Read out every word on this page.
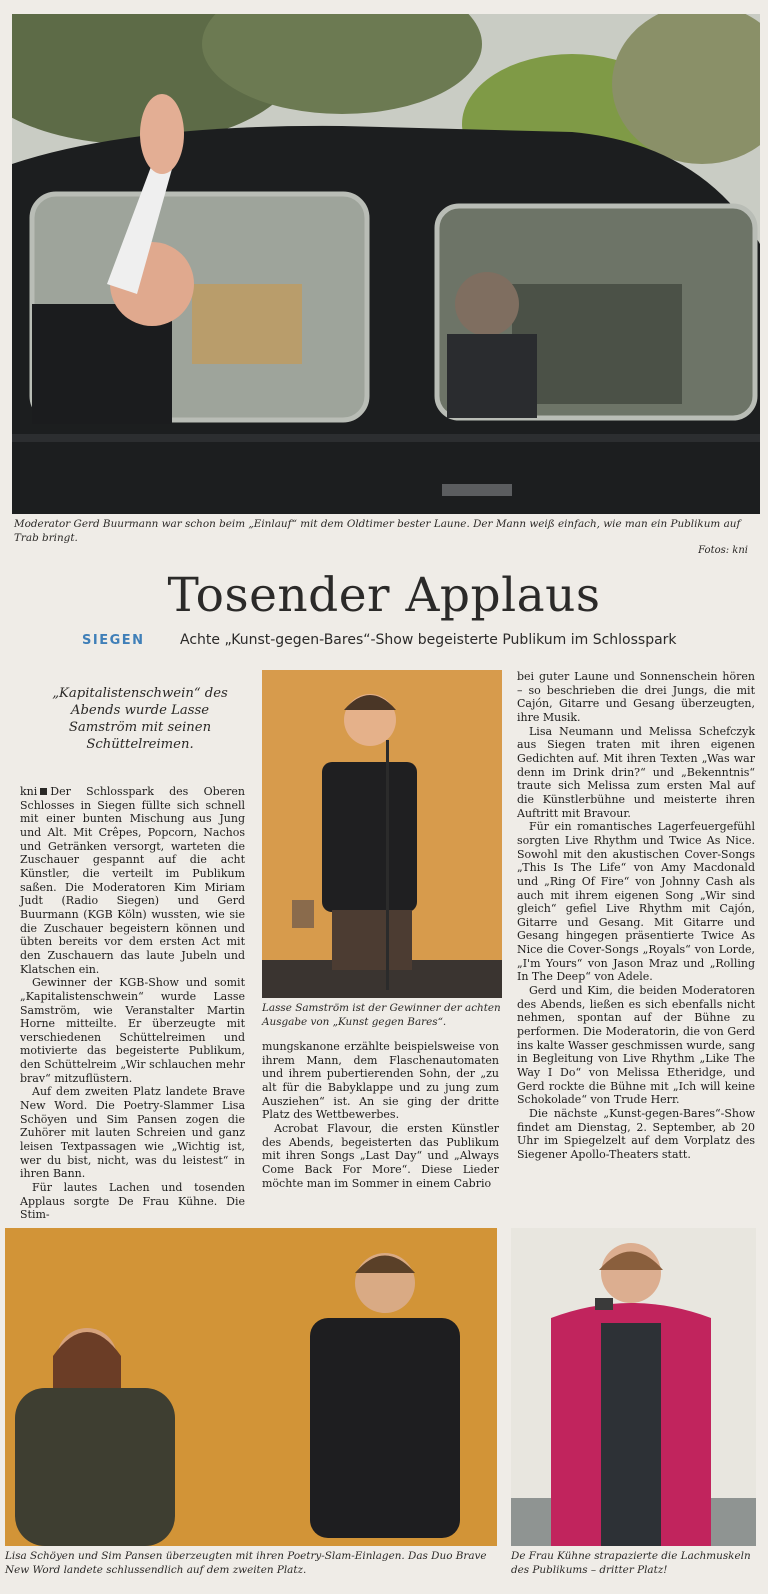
Moderator Gerd Buurmann war schon beim „Einlauf“ mit dem Oldtimer bester Laune. Der Mann weiß einfach, wie man ein Publikum auf Trab bringt.

Fotos: kni
Tosender Applaus
SIEGEN	Achte „Kunst-gegen-Bares“-Show begeisterte Publikum im Schlosspark

„Kapitalistenschwein“ des Abends wurde Lasse Samström mit seinen Schüttelreimen.

kni Der Schlosspark des Oberen Schlosses in Siegen füllte sich schnell mit einer bunten Mischung aus Jung und Alt. Mit Crêpes, Popcorn, Nachos und Getränken versorgt, warteten die Zuschauer gespannt auf die acht Künstler, die verteilt im Publikum saßen. Die Moderatoren Kim Miriam Judt (Radio Siegen) und Gerd Buurmann (KGB Köln) wussten, wie sie die Zuschauer begeistern können und übten bereits vor dem ersten Act mit den Zuschauern das laute Jubeln und Klatschen ein.

Gewinner der KGB-Show und somit „Kapitalistenschwein“ wurde Lasse Samström, wie Veranstalter Martin Horne mitteilte. Er überzeugte mit verschiedenen Schüttelreimen und motivierte das begeisterte Publikum, den Schüttelreim „Wir schlauchen mehr brav“ mitzuflüstern.

Auf dem zweiten Platz landete Brave New Word. Die Poetry-Slammer Lisa Schöyen und Sim Pansen zogen die Zuhörer mit lauten Schreien und ganz leisen Textpassagen wie „Wichtig ist, wer du bist, nicht, was du leistest“ in ihren Bann.

Für lautes Lachen und tosenden Applaus sorgte De Frau Kühne. Die Stim-

Lasse Samström ist der Gewinner der achten Ausgabe von „Kunst gegen Bares“.

mungskanone erzählte beispielsweise von ihrem Mann, dem Flaschenautomaten und ihrem pubertierenden Sohn, der „zu alt für die Babyklappe und zu jung zum Ausziehen“ ist. An sie ging der dritte Platz des Wettbewerbes.

Acrobat Flavour, die ersten Künstler des Abends, begeisterten das Publikum mit ihren Songs „Last Day“ und „Always Come Back For More“. Diese Lieder möchte man im Sommer in einem Cabrio

bei guter Laune und Sonnenschein hören – so beschrieben die drei Jungs, die mit Cajón, Gitarre und Gesang überzeugten, ihre Musik.

Lisa Neumann und Melissa Schefczyk aus Siegen traten mit ihren eigenen Gedichten auf. Mit ihren Texten „Was war denn im Drink drin?“ und „Bekenntnis“ traute sich Melissa zum ersten Mal auf die Künstlerbühne und meisterte ihren Auftritt mit Bravour.

Für ein romantisches Lagerfeuergefühl sorgten Live Rhythm und Twice As Nice. Sowohl mit den akustischen Cover-Songs „This Is The Life“ von Amy Macdonald und „Ring Of Fire“ von Johnny Cash als auch mit ihrem eigenen Song „Wir sind gleich“ gefiel Live Rhythm mit Cajón, Gitarre und Gesang. Mit Gitarre und Gesang hingegen präsentierte Twice As Nice die Cover-Songs „Royals“ von Lorde, „I'm Yours“ von Jason Mraz und „Rolling In The Deep“ von Adele.

Gerd und Kim, die beiden Moderatoren des Abends, ließen es sich ebenfalls nicht nehmen, spontan auf der Bühne zu performen. Die Moderatorin, die von Gerd ins kalte Wasser geschmissen wurde, sang in Begleitung von Live Rhythm „Like The Way I Do“ von Melissa Etheridge, und Gerd rockte die Bühne mit „Ich will keine Schokolade“ von Trude Herr.

Die nächste „Kunst-gegen-Bares“-Show findet am Dienstag, 2. September, ab 20 Uhr im Spiegelzelt auf dem Vorplatz des Siegener Apollo-Theaters statt.

Lisa Schöyen und Sim Pansen überzeugten mit ihren Poetry-Slam-Einlagen. Das Duo Brave New Word landete schlussendlich auf dem zweiten Platz.

De Frau Kühne strapazierte die Lachmuskeln des Publikums – dritter Platz!
